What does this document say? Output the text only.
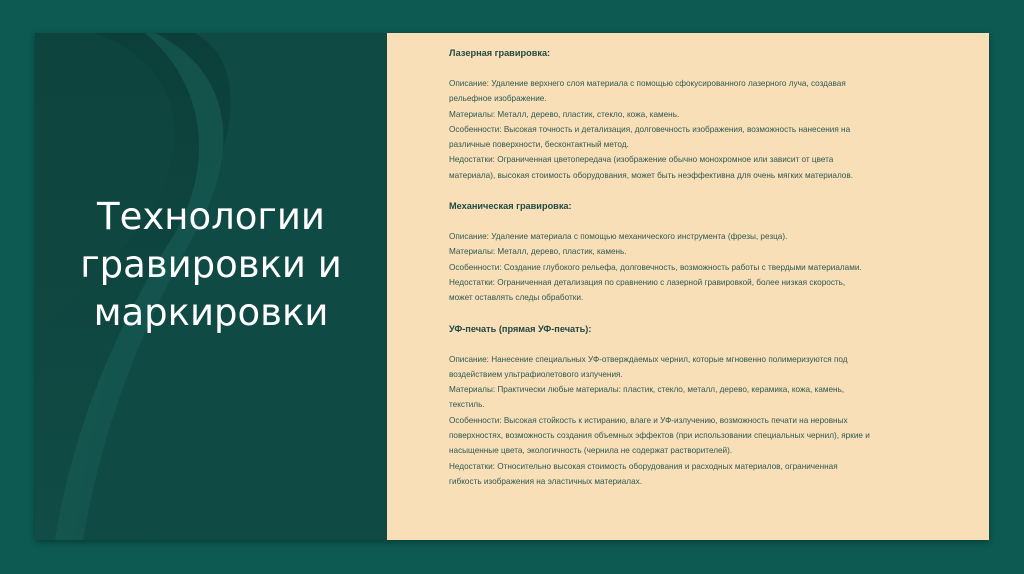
Технологии
гравировки и
маркировки
Лазерная гравировка:

Описание: Удаление верхнего слоя материала с помощью сфокусированного лазерного луча, создавая

рельефное изображение.

Материалы: Металл, дерево, пластик, стекло, кожа, камень.

Особенности: Высокая точность и детализация, долговечность изображения, возможность нанесения на

различные поверхности, бесконтактный метод.

Недостатки: Ограниченная цветопередача (изображение обычно монохромное или зависит от цвета

материала), высокая стоимость оборудования, может быть неэффективна для очень мягких материалов.

Механическая гравировка:

Описание: Удаление материала с помощью механического инструмента (фрезы, резца).

Материалы: Металл, дерево, пластик, камень.

Особенности: Создание глубокого рельефа, долговечность, возможность работы с твердыми материалами.

Недостатки: Ограниченная детализация по сравнению с лазерной гравировкой, более низкая скорость,

может оставлять следы обработки.

УФ-печать (прямая УФ-печать):

Описание: Нанесение специальных УФ-отверждаемых чернил, которые мгновенно полимеризуются под

воздействием ультрафиолетового излучения.

Материалы: Практически любые материалы: пластик, стекло, металл, дерево, керамика, кожа, камень,

текстиль.

Особенности: Высокая стойкость к истиранию, влаге и УФ-излучению, возможность печати на неровных

поверхностях, возможность создания объемных эффектов (при использовании специальных чернил), яркие и

насыщенные цвета, экологичность (чернила не содержат растворителей).

Недостатки: Относительно высокая стоимость оборудования и расходных материалов, ограниченная

гибкость изображения на эластичных материалах.
